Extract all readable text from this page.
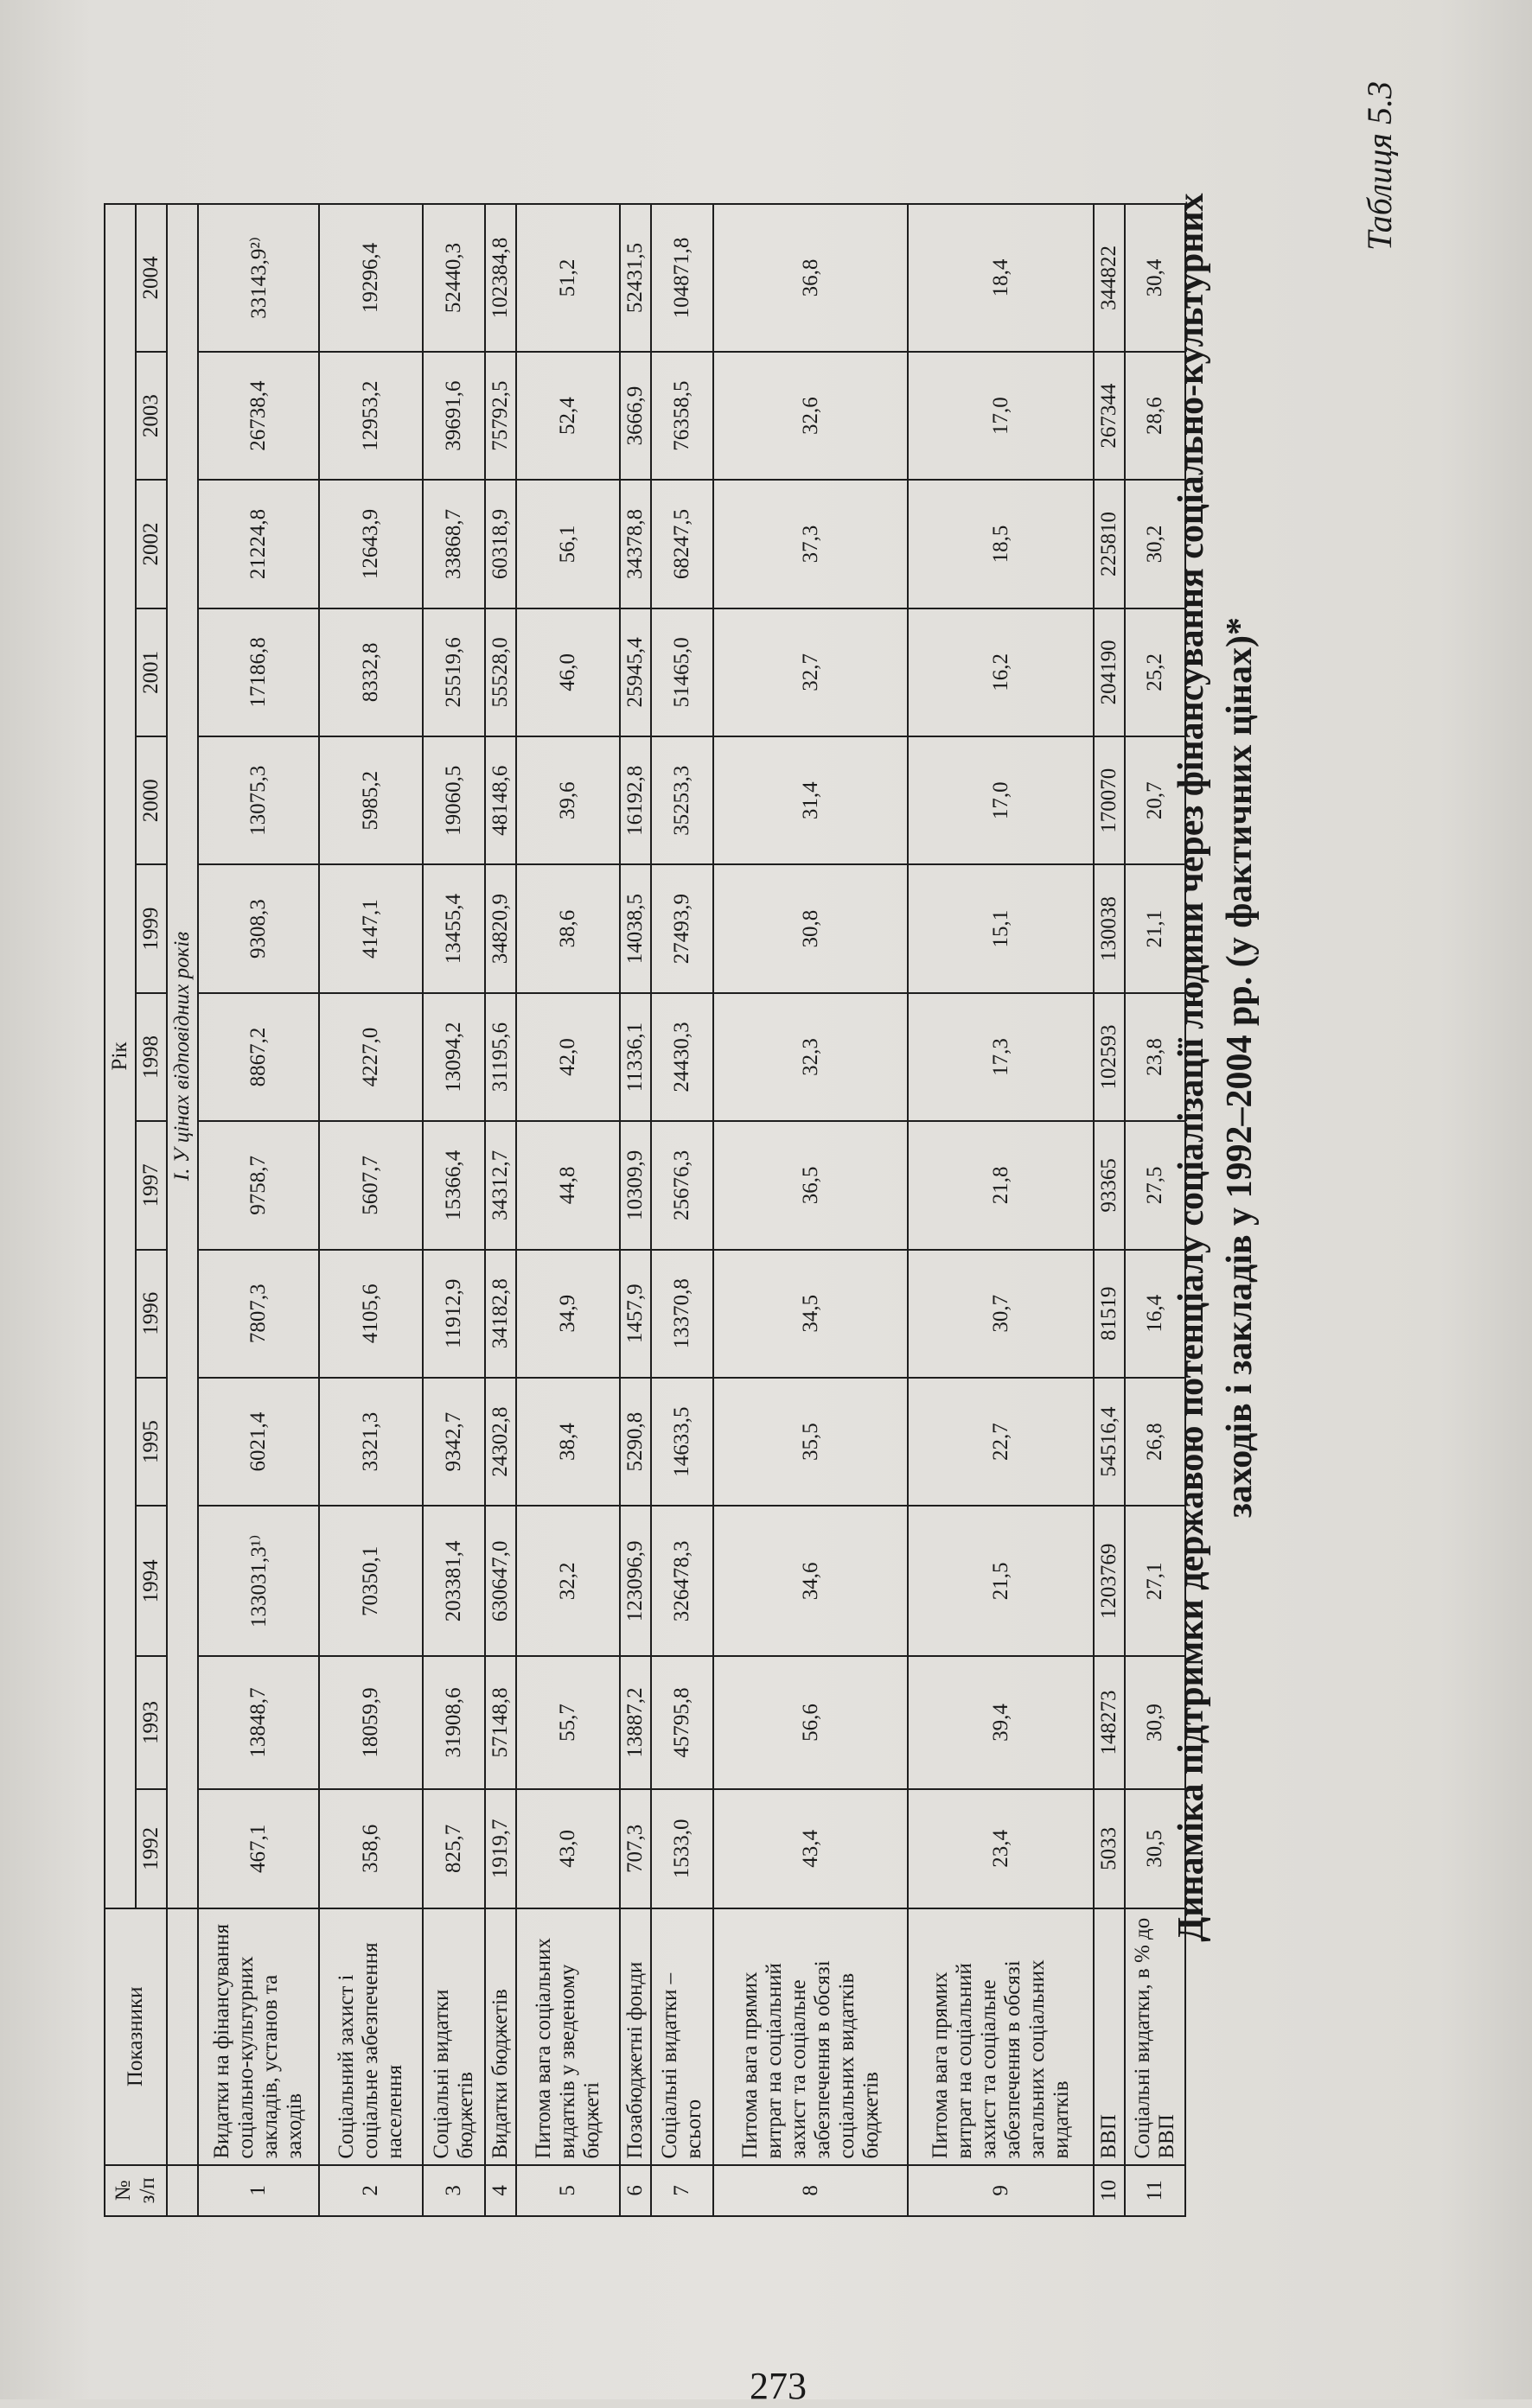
Таблиця 5.3
Динаміка підтримки державою потенціалу соціалізації людини через фінансування соціально-культурних заходів і закладів у 1992–2004 рр. (у фактичних цінах)*
11	Соціальні видатки, в % до ВВП	30,5	30,9	27,1	26,8	16,4	27,5	23,8	21,1	20,7	25,2	30,2	28,6	30,4
10	ВВП	5033	148273	1203769	54516,4	81519	93365	102593	130038	170070	204190	225810	267344	344822
9	Питома вага прямих витрат на соціальний захист та соціальне забезпечення в обсязі загальних соціальних видатків	23,4	39,4	21,5	22,7	30,7	21,8	17,3	15,1	17,0	16,2	18,5	17,0	18,4
8	Питома вага прямих витрат на соціальний захист та соціальне забезпечення в обсязі соціальних видатків бюджетів	43,4	56,6	34,6	35,5	34,5	36,5	32,3	30,8	31,4	32,7	37,3	32,6	36,8
7	Соціальні видатки – всього	1533,0	45795,8	326478,3	14633,5	13370,8	25676,3	24430,3	27493,9	35253,3	51465,0	68247,5	76358,5	104871,8
6	Позабюджетні фонди	707,3	13887,2	123096,9	5290,8	1457,9	10309,9	11336,1	14038,5	16192,8	25945,4	34378,8	3666,9	52431,5
5	Питома вага соціальних видатків у зведеному бюджеті	43,0	55,7	32,2	38,4	34,9	44,8	42,0	38,6	39,6	46,0	56,1	52,4	51,2
4	Видатки бюджетів	1919,7	57148,8	630647,0	24302,8	34182,8	34312,7	31195,6	34820,9	48148,6	55528,0	60318,9	75792,5	102384,8
3	Соціальні видатки бюджетів	825,7	31908,6	203381,4	9342,7	11912,9	15366,4	13094,2	13455,4	19060,5	25519,6	33868,7	39691,6	52440,3
2	Соціальний захист і соціальне забезпечення населення	358,6	18059,9	70350,1	3321,3	4105,6	5607,7	4227,0	4147,1	5985,2	8332,8	12643,9	12953,2	19296,4
1	Видатки на фінансування соціально-культурних закладів, установ та заходів	467,1	13848,7	133031,3¹⁾	6021,4	7807,3	9758,7	8867,2	9308,3	13075,3	17186,8	21224,8	26738,4	33143,9²⁾
		I. У цінах відповідних років												
№ з/п	Показники	1992	1993	1994	1995	1996	1997	1998	1999	2000	2001	2002	2003	2004
		Рік												
273
